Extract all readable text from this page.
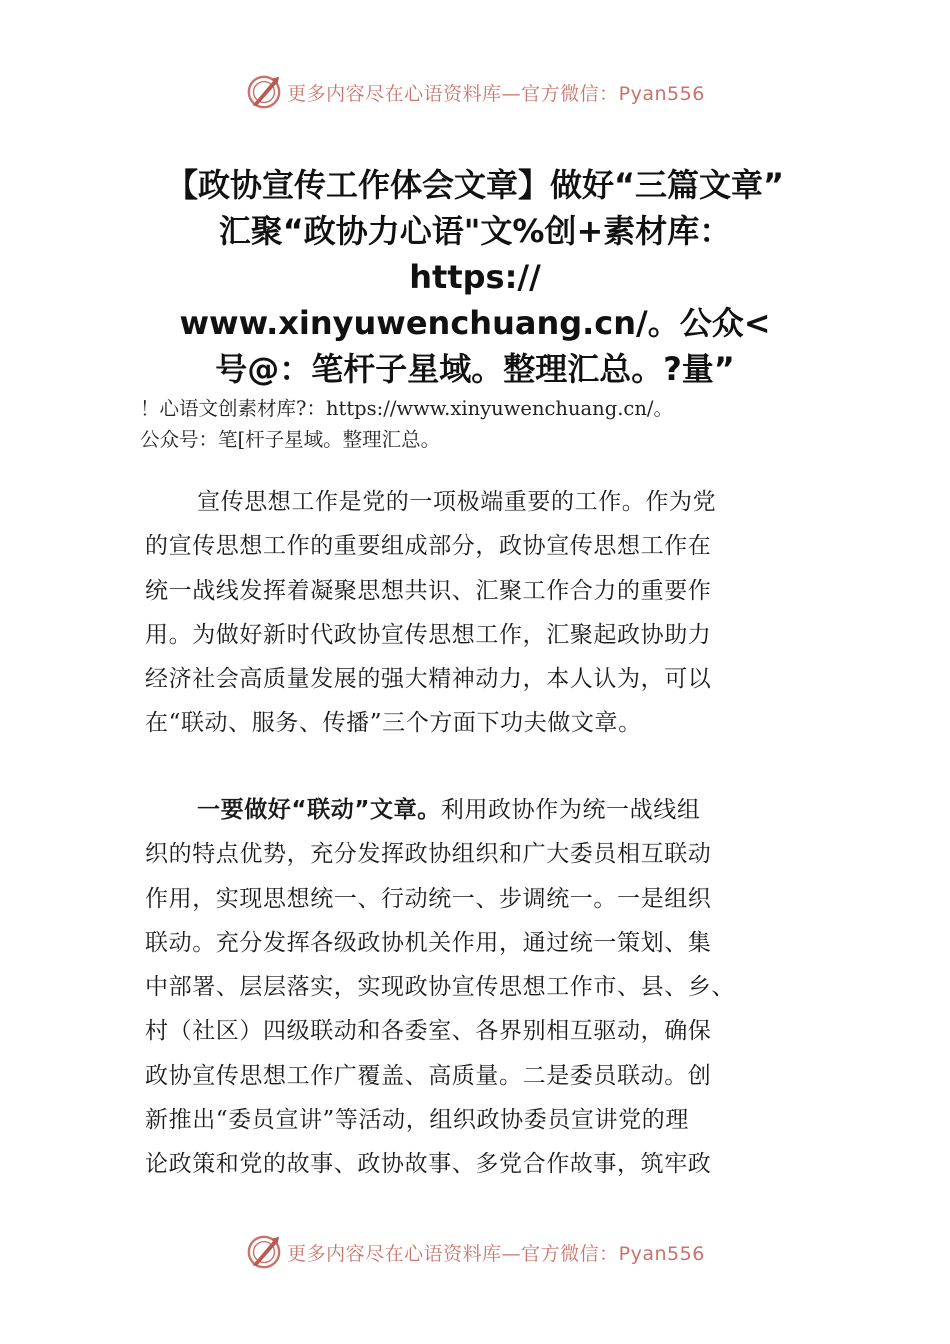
更多内容尽在心语资料库—官方微信：Pyan556
【政协宣传工作体会文章】做好“三篇文章”
汇聚“政协力心语"文%创+素材库：
https://
www.xinyuwenchuang.cn/。公众<
号@：笔杆子星域。整理汇总。?量”
！心语文创素材库?：https://www.xinyuwenchuang.cn/。
公众号：笔[杆子星域。整理汇总。

宣传思想工作是党的一项极端重要的工作。作为党
的宣传思想工作的重要组成部分，政协宣传思想工作在
统一战线发挥着凝聚思想共识、汇聚工作合力的重要作
用。为做好新时代政协宣传思想工作，汇聚起政协助力
经济社会高质量发展的强大精神动力，本人认为，可以
在“联动、服务、传播”三个方面下功夫做文章。

一要做好“联动”文章。利用政协作为统一战线组
织的特点优势，充分发挥政协组织和广大委员相互联动
作用，实现思想统一、行动统一、步调统一。一是组织
联动。充分发挥各级政协机关作用，通过统一策划、集
中部署、层层落实，实现政协宣传思想工作市、县、乡、
村（社区）四级联动和各委室、各界别相互驱动，确保
政协宣传思想工作广覆盖、高质量。二是委员联动。创
新推出“委员宣讲”等活动，组织政协委员宣讲党的理
论政策和党的故事、政协故事、多党合作故事，筑牢政

更多内容尽在心语资料库—官方微信：Pyan556
